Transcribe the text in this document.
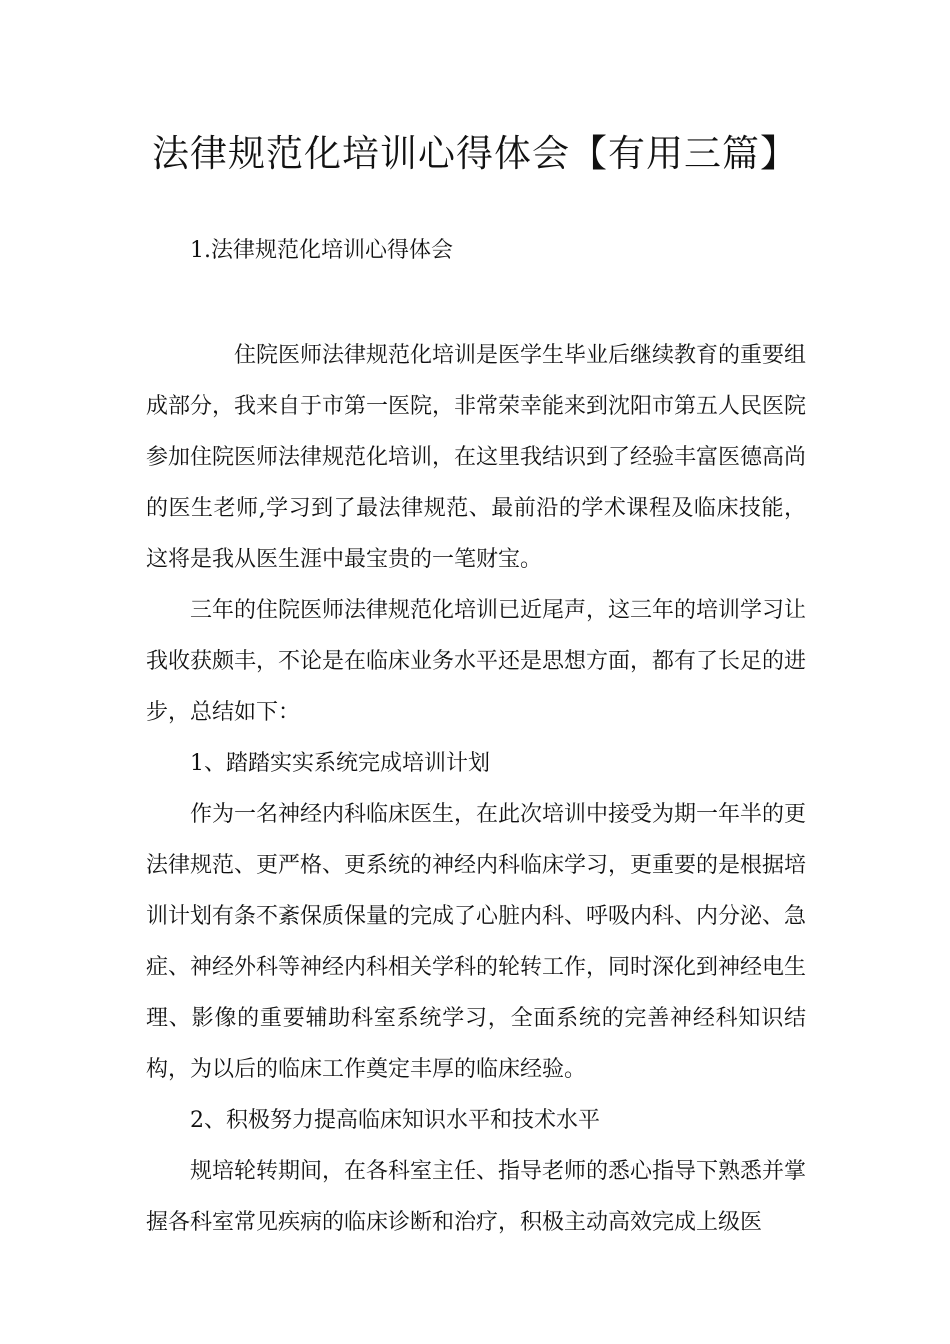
法律规范化培训心得体会【有用三篇】
1.法律规范化培训心得体会

住院医师法律规范化培训是医学生毕业后继续教育的重要组成部分，我来自于市第一医院，非常荣幸能来到沈阳市第五人民医院参加住院医师法律规范化培训，在这里我结识到了经验丰富医德高尚的医生老师,学习到了最法律规范、最前沿的学术课程及临床技能，这将是我从医生涯中最宝贵的一笔财宝。

三年的住院医师法律规范化培训已近尾声，这三年的培训学习让我收获颇丰，不论是在临床业务水平还是思想方面，都有了长足的进步，总结如下：

1、踏踏实实系统完成培训计划

作为一名神经内科临床医生，在此次培训中接受为期一年半的更法律规范、更严格、更系统的神经内科临床学习，更重要的是根据培训计划有条不紊保质保量的完成了心脏内科、呼吸内科、内分泌、急症、神经外科等神经内科相关学科的轮转工作，同时深化到神经电生理、影像的重要辅助科室系统学习，全面系统的完善神经科知识结构，为以后的临床工作奠定丰厚的临床经验。

2、积极努力提高临床知识水平和技术水平

规培轮转期间，在各科室主任、指导老师的悉心指导下熟悉并掌握各科室常见疾病的临床诊断和治疗，积极主动高效完成上级医
